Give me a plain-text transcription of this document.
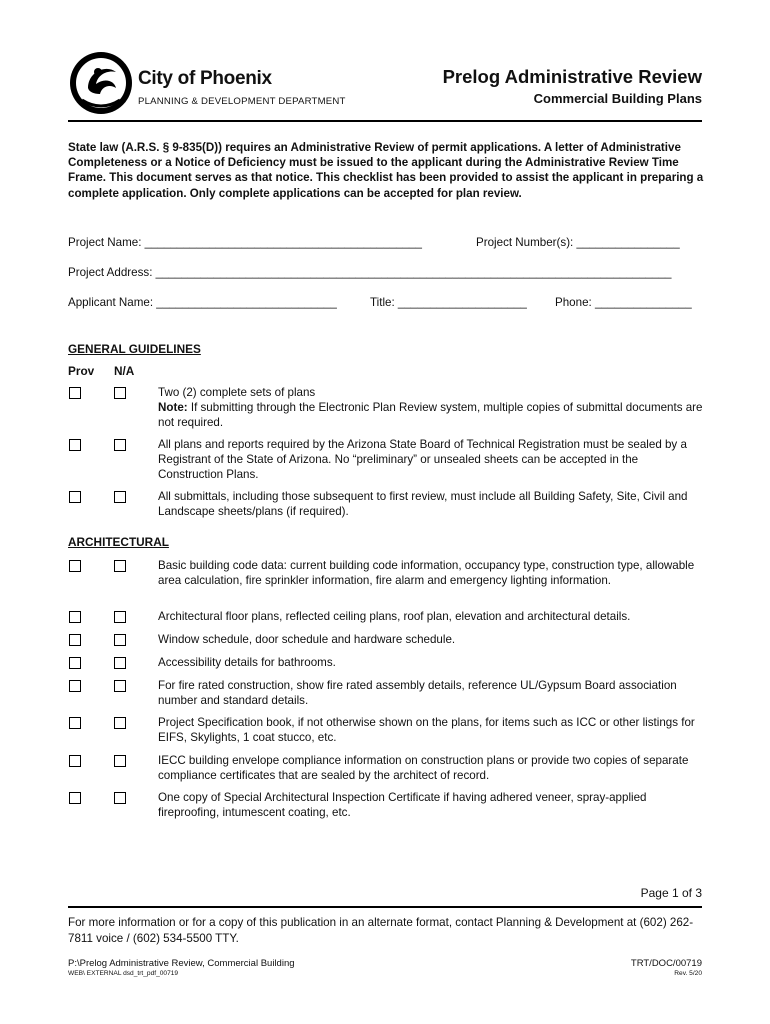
City of Phoenix
PLANNING & DEVELOPMENT DEPARTMENT
Prelog Administrative Review
Commercial Building Plans
State law (A.R.S. § 9-835(D)) requires an Administrative Review of permit applications. A letter of Administrative Completeness or a Notice of Deficiency must be issued to the applicant during the Administrative Review Time Frame. This document serves as that notice. This checklist has been provided to assist the applicant in preparing a complete application. Only complete applications can be accepted for plan review.
Project Name: ___________________________________________	Project Number(s): ________________
Project Address: ________________________________________________________________________________
Applicant Name: ____________________________	Title: ____________________ Phone: _______________
GENERAL GUIDELINES
Prov N/A
Two (2) complete sets of plans
Note: If submitting through the Electronic Plan Review system, multiple copies of submittal documents are not required.
All plans and reports required by the Arizona State Board of Technical Registration must be sealed by a Registrant of the State of Arizona. No “preliminary” or unsealed sheets can be accepted in the Construction Plans.
All submittals, including those subsequent to first review, must include all Building Safety, Site, Civil and Landscape sheets/plans (if required).
ARCHITECTURAL
Basic building code data: current building code information, occupancy type, construction type, allowable area calculation, fire sprinkler information, fire alarm and emergency lighting information.
Architectural floor plans, reflected ceiling plans, roof plan, elevation and architectural details.
Window schedule, door schedule and hardware schedule.
Accessibility details for bathrooms.
For fire rated construction, show fire rated assembly details, reference UL/Gypsum Board association number and standard details.
Project Specification book, if not otherwise shown on the plans, for items such as ICC or other listings for EIFS, Skylights, 1 coat stucco, etc.
IECC building envelope compliance information on construction plans or provide two copies of separate compliance certificates that are sealed by the architect of record.
One copy of Special Architectural Inspection Certificate if having adhered veneer, spray-applied fireproofing, intumescent coating, etc.
Page 1 of 3
For more information or for a copy of this publication in an alternate format, contact Planning & Development at (602) 262-7811 voice / (602) 534-5500 TTY.
P:\Prelog Administrative Review, Commercial Building
WEB\ EXTERNAL dsd_trt_pdf_00719
TRT/DOC/00719
Rev. 5/20
